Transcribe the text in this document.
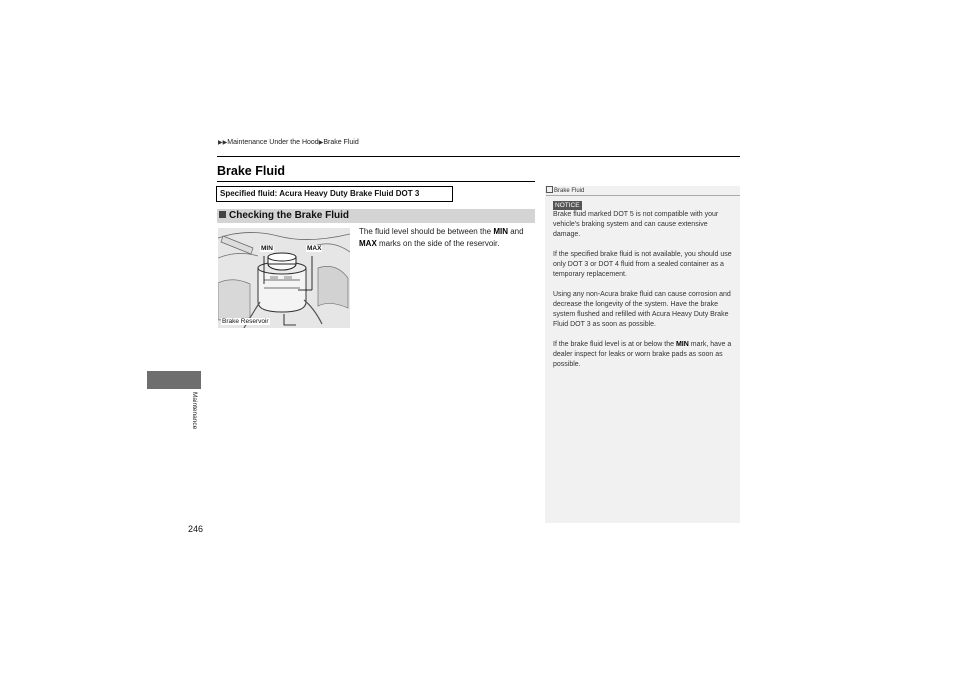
▶▶Maintenance Under the Hood▶Brake Fluid
Brake Fluid
Specified fluid: Acura Heavy Duty Brake Fluid DOT 3
Checking the Brake Fluid
MIN	MAX
Brake Reservoir
The fluid level should be between the MIN and MAX marks on the side of the reservoir.
Brake Fluid
NOTICE
Brake fluid marked DOT 5 is not compatible with your vehicle's braking system and can cause extensive damage.
If the specified brake fluid is not available, you should use only DOT 3 or DOT 4 fluid from a sealed container as a temporary replacement.
Using any non-Acura brake fluid can cause corrosion and decrease the longevity of the system. Have the brake system flushed and refilled with Acura Heavy Duty Brake Fluid DOT 3 as soon as possible.
If the brake fluid level is at or below the MIN mark, have a dealer inspect for leaks or worn brake pads as soon as possible.
Maintenance
246
